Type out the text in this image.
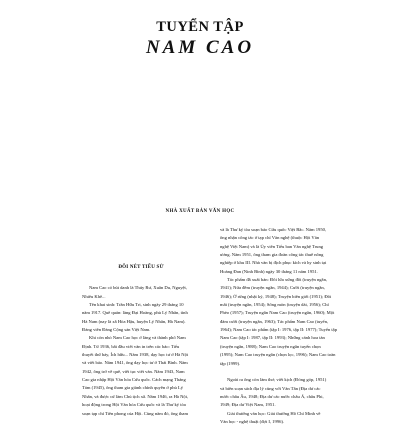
TUYỂN TẬP
NAM CAO
NHÀ XUẤT BẢN VĂN HỌC

ĐÔI NÉT TIỂU SỬ

Nam Cao có bút danh là Thúy Rư, Xuân Du, Nguyệt,
Nhiêu Khê...
Tên khai sinh: Trần Hữu Tri, sinh ngày 29 tháng 10
năm 1917. Quê quán: làng Đại Hoàng, phủ Lý Nhân, tỉnh
Hà Nam (nay là xã Hòa Hậu, huyện Lý Nhân, Hà Nam).
Đảng viên Đảng Cộng sản Việt Nam.
Khi còn nhỏ Nam Cao học ở làng và thành phố Nam
Định. Từ 1936, bắt đầu viết văn in trên các báo: Tiểu
thuyết thứ bảy, Ích hữu... Năm 1938, dạy học tư ở Hà Nội
và viết báo. Năm 1941, ông dạy học tư ở Thái Bình. Năm
1942, ông trở về quê, viết tục viết văn. Năm 1943, Nam
Cao gia nhập Hội Văn hóa Cứu quốc. Cách mạng Tháng
Tám (1945), ông tham gia giành chính quyền ở phủ Lý
Nhân, và được cử làm Chủ tịch xã. Năm 1946, ra Hà Nội,
hoạt động trong Hội Văn hóa Cứu quốc và là Thư ký tòa
soạn tạp chí Tiên phong của Hội. Cùng năm đó, ông tham
và là Thư ký tòa soạn báo Cứu quốc Việt Bắc. Năm 1950,
ông nhận công tác ở tạp chí Văn nghệ (thuộc Hội Văn
nghệ Việt Nam) và là Ủy viên Tiểu ban Văn nghệ Trung
ương. Năm 1951, ông tham gia đoàn công tác thuế nông
nghiệp ở khu III. Nhà văn bị địch phục kích và hy sinh tại
Hoàng Đan (Ninh Bình) ngày 30 tháng 11 năm 1951.
Tác phẩm đã xuất bản: Đôi lứa xứng đôi (truyện ngắn,
1941); Nửa đêm (truyện ngắn, 1944); Cười (truyện ngắn,
1946); Ở rừng (nhật ký, 1948); Truyện biên giới (1951); Đôi
mắt (truyện ngắn, 1954); Sống mòn (truyện dài, 1956); Chí
Phèo (1957); Truyện ngắn Nam Cao (truyện ngắn, 1960); Một
đám cưới (truyện ngắn, 1963); Tác phẩm Nam Cao (tuyển,
1964); Nam Cao tác phẩm (tập I: 1976, tập II: 1977); Tuyển tập
Nam Cao (tập I: 1987, tập II: 1993); Những cánh hoa tàn
(truyện ngắn, 1988); Nam Cao truyện ngắn tuyển chọn
(1995); Nam Cao truyện ngắn (chọn lọc, 1996); Nam Cao toàn
tập (1999).

Ngoài ra ông còn làm thơ; viết kịch (Đóng góp, 1951)
và biên soạn sách địa lý cùng với Văn Tân (Địa dư các
nước châu Âu, 1948; Địa dư các nước châu Á, châu Phi,
1949; Địa dư Việt Nam, 1951.
Giải thưởng văn học: Giải thưởng Hồ Chí Minh về
Văn học - nghệ thuật (đợt I, 1996).
